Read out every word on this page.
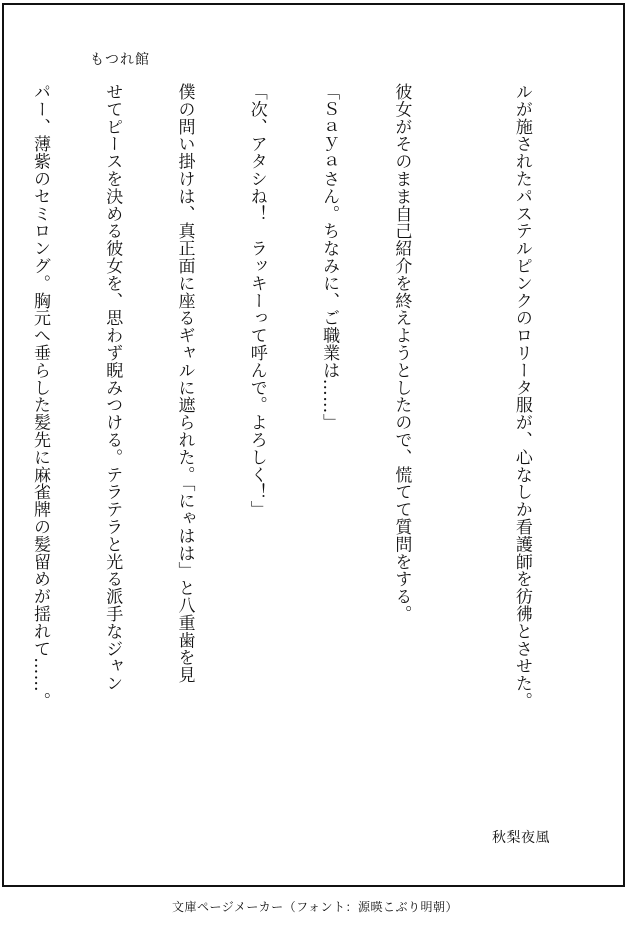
もつれ館

ルが施されたパステルピンクのロリータ服が、心なしか看護師を彷彿とさせた。

彼女がそのまま自己紹介を終えようとしたので、慌てて質問をする。

「Ｓａｙａさん。ちなみに、ご職業は……」

「次、アタシね！　ラッキーって呼んで。よろしく！」

僕の問い掛けは、真正面に座るギャルに遮られた。「にゃはは」と八重歯を見

せてピースを決める彼女を、思わず睨みつける。テラテラと光る派手なジャン

パー、薄紫のセミロング。胸元へ垂らした髪先に麻雀牌の髪留めが揺れて……。

秋梨夜風
文庫ページメーカー（フォント：源暎こぶり明朝）
